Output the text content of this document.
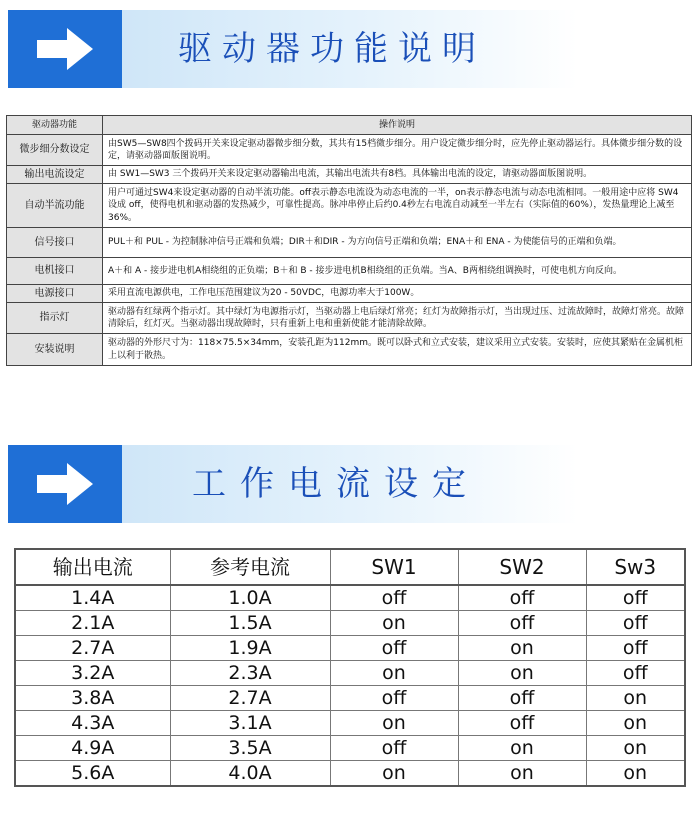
驱动器功能说明
驱动器功能	操作说明
微步细分数设定	由SW5—SW8四个拨码开关来设定驱动器微步细分数，其共有15档微步细分。用户设定微步细分时，应先停止驱动器运行。具体微步细分数的设定，请驱动器面版图说明。
输出电流设定	由 SW1—SW3 三个拨码开关来设定驱动器输出电流，其输出电流共有8档。具体输出电流的设定，请驱动器面版图说明。
自动半流功能	用户可通过SW4来设定驱动器的自动半流功能。off表示静态电流设为动态电流的一半，on表示静态电流与动态电流相同。一般用途中应将 SW4 设成 off，使得电机和驱动器的发热减少，可靠性提高。脉冲串停止后约0.4秒左右电流自动减至一半左右（实际值的60%），发热量理论上减至36%。
信号接口	PUL＋和 PUL - 为控制脉冲信号正端和负端；DIR＋和DIR - 为方向信号正端和负端；ENA＋和 ENA - 为使能信号的正端和负端。
电机接口	A＋和 A - 接步进电机A相绕组的正负端；B＋和 B - 接步进电机B相绕组的正负端。当A、B两相绕组调换时，可使电机方向反向。
电源接口	采用直流电源供电，工作电压范围建议为20 - 50VDC，电源功率大于100W。
指示灯	驱动器有红绿两个指示灯。其中绿灯为电源指示灯，当驱动器上电后绿灯常亮；红灯为故障指示灯，当出现过压、过流故障时，故障灯常亮。故障清除后，红灯灭。当驱动器出现故障时，只有重新上电和重新使能才能清除故障。
安装说明	驱动器的外形尺寸为：118×75.5×34mm，安装孔距为112mm。既可以卧式和立式安装，建议采用立式安装。安装时，应使其紧贴在金属机柜上以利于散热。
工作电流设定
输出电流	参考电流	SW1	SW2	Sw3
1.4A	1.0A	off	off	off
2.1A	1.5A	on	off	off
2.7A	1.9A	off	on	off
3.2A	2.3A	on	on	off
3.8A	2.7A	off	off	on
4.3A	3.1A	on	off	on
4.9A	3.5A	off	on	on
5.6A	4.0A	on	on	on
